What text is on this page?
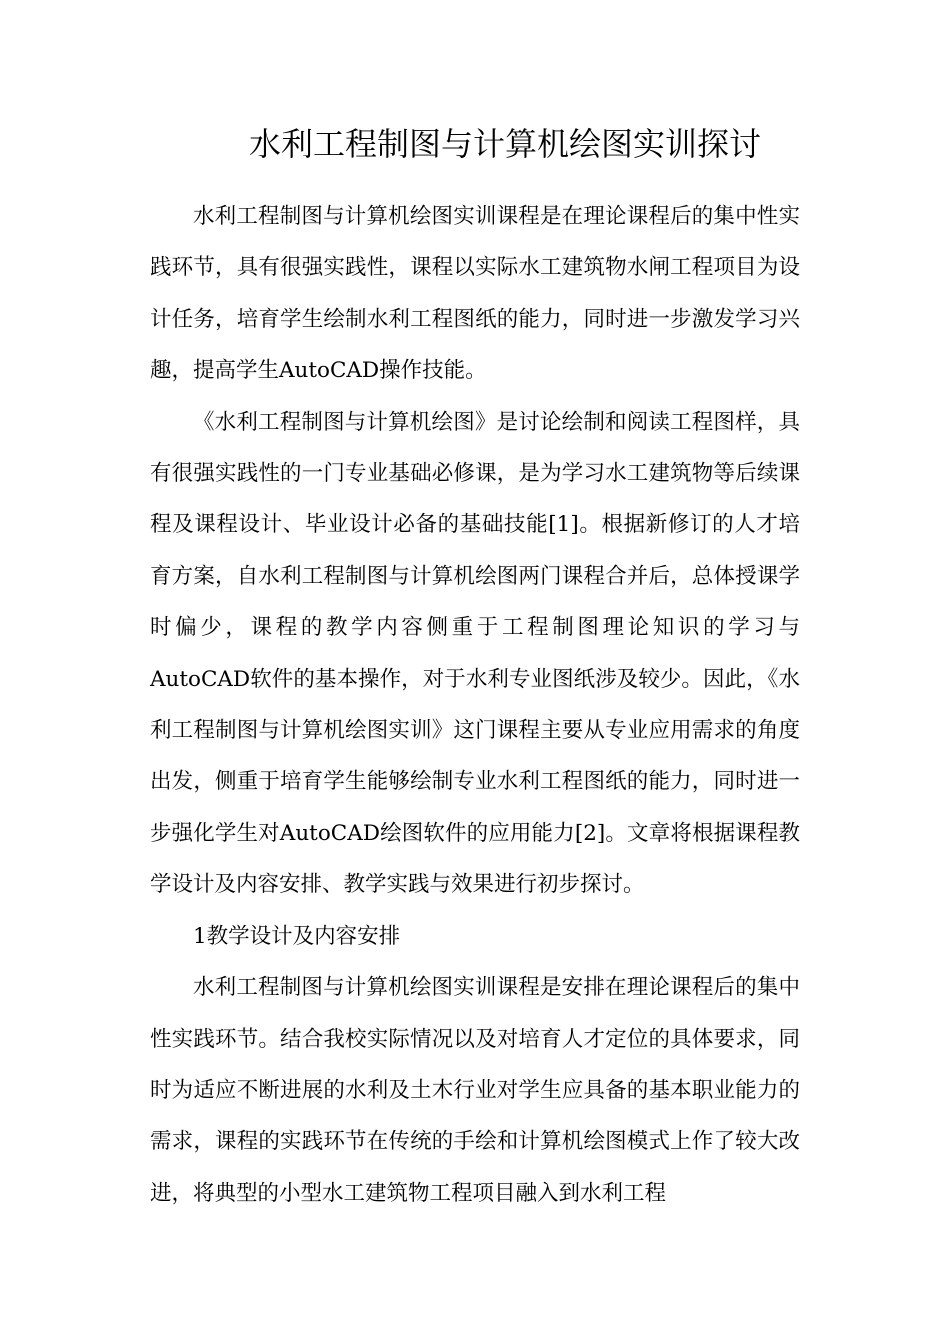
水利工程制图与计算机绘图实训探讨

水利工程制图与计算机绘图实训课程是在理论课程后的集中性实践环节，具有很强实践性，课程以实际水工建筑物水闸工程项目为设计任务，培育学生绘制水利工程图纸的能力，同时进一步激发学习兴趣，提高学生AutoCAD操作技能。

《水利工程制图与计算机绘图》是讨论绘制和阅读工程图样，具有很强实践性的一门专业基础必修课，是为学习水工建筑物等后续课程及课程设计、毕业设计必备的基础技能[1]。根据新修订的人才培育方案，自水利工程制图与计算机绘图两门课程合并后，总体授课学时偏少，课程的教学内容侧重于工程制图理论知识的学习与AutoCAD软件的基本操作，对于水利专业图纸涉及较少。因此，《水利工程制图与计算机绘图实训》这门课程主要从专业应用需求的角度出发，侧重于培育学生能够绘制专业水利工程图纸的能力，同时进一步强化学生对AutoCAD绘图软件的应用能力[2]。文章将根据课程教学设计及内容安排、教学实践与效果进行初步探讨。

1教学设计及内容安排

水利工程制图与计算机绘图实训课程是安排在理论课程后的集中性实践环节。结合我校实际情况以及对培育人才定位的具体要求，同时为适应不断进展的水利及土木行业对学生应具备的基本职业能力的需求，课程的实践环节在传统的手绘和计算机绘图模式上作了较大改进，将典型的小型水工建筑物工程项目融入到水利工程
